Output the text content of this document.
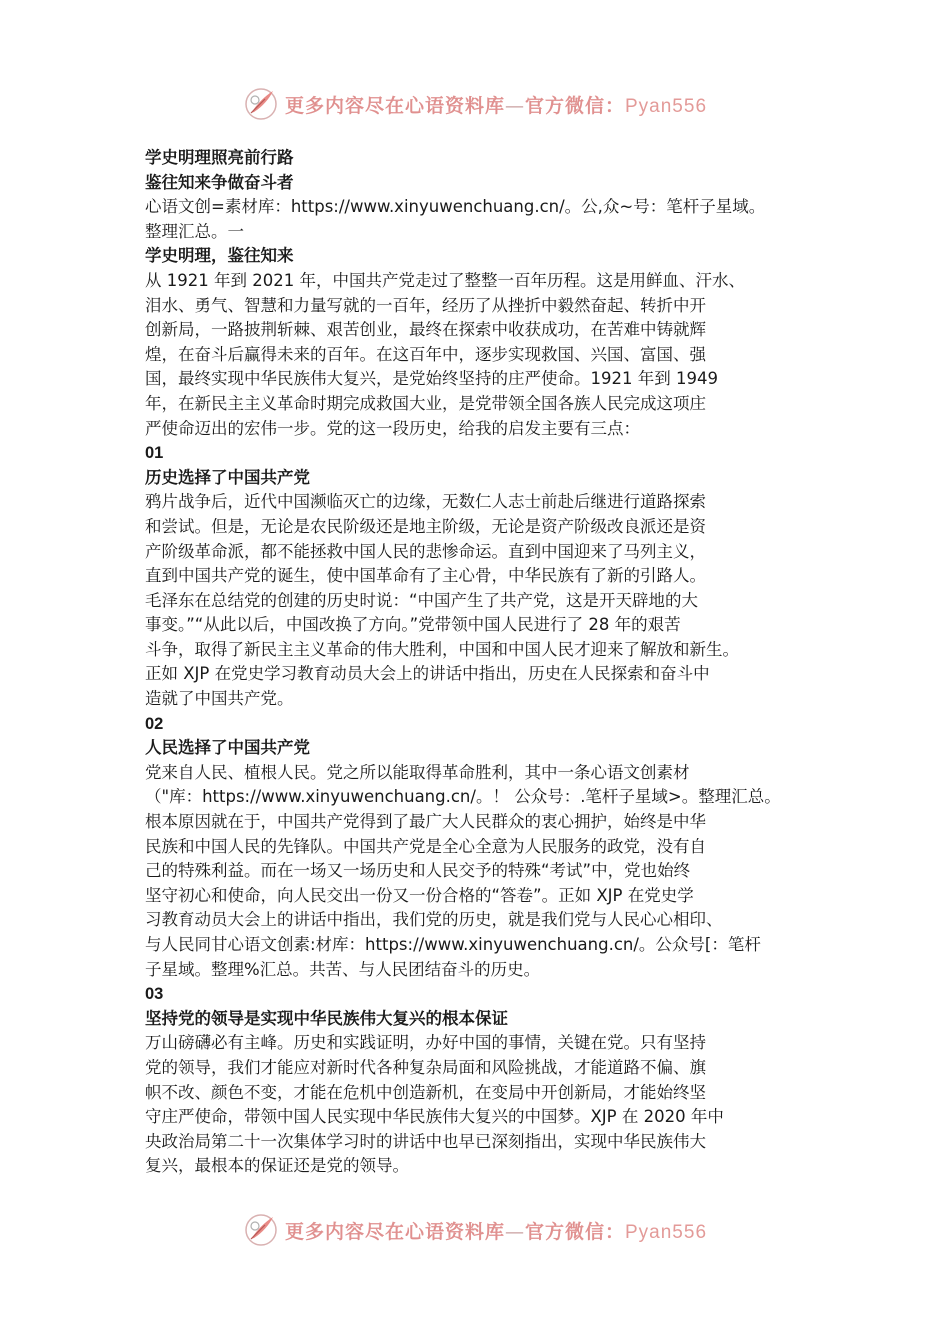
更多内容尽在心语资料库—官方微信：Pyan556
学史明理照亮前行路
鉴往知来争做奋斗者
心语文创=素材库：https://www.xinyuwenchuang.cn/。公,众~号：笔杆子星域。
整理汇总。一
学史明理，鉴往知来
从 1921 年到 2021 年，中国共产党走过了整整一百年历程。这是用鲜血、汗水、
泪水、勇气、智慧和力量写就的一百年，经历了从挫折中毅然奋起、转折中开
创新局，一路披荆斩棘、艰苦创业，最终在探索中收获成功，在苦难中铸就辉
煌，在奋斗后赢得未来的百年。在这百年中，逐步实现救国、兴国、富国、强
国，最终实现中华民族伟大复兴，是党始终坚持的庄严使命。1921 年到 1949
年，在新民主主义革命时期完成救国大业，是党带领全国各族人民完成这项庄
严使命迈出的宏伟一步。党的这一段历史，给我的启发主要有三点：
01
历史选择了中国共产党
鸦片战争后，近代中国濒临灭亡的边缘，无数仁人志士前赴后继进行道路探索
和尝试。但是，无论是农民阶级还是地主阶级，无论是资产阶级改良派还是资
产阶级革命派，都不能拯救中国人民的悲惨命运。直到中国迎来了马列主义，
直到中国共产党的诞生，使中国革命有了主心骨，中华民族有了新的引路人。
毛泽东在总结党的创建的历史时说：“中国产生了共产党，这是开天辟地的大
事变。”“从此以后，中国改换了方向。”党带领中国人民进行了 28 年的艰苦
斗争，取得了新民主主义革命的伟大胜利，中国和中国人民才迎来了解放和新生。
正如 XJP 在党史学习教育动员大会上的讲话中指出，历史在人民探索和奋斗中
造就了中国共产党。
02
人民选择了中国共产党
党来自人民、植根人民。党之所以能取得革命胜利，其中一条心语文创素材
（"库：https://www.xinyuwenchuang.cn/。！ 公众号：.笔杆子星域>。整理汇总。
根本原因就在于，中国共产党得到了最广大人民群众的衷心拥护，始终是中华
民族和中国人民的先锋队。中国共产党是全心全意为人民服务的政党，没有自
己的特殊利益。而在一场又一场历史和人民交予的特殊“考试”中，党也始终
坚守初心和使命，向人民交出一份又一份合格的“答卷”。正如 XJP 在党史学
习教育动员大会上的讲话中指出，我们党的历史，就是我们党与人民心心相印、
与人民同甘心语文创素:材库：https://www.xinyuwenchuang.cn/。公众号[：笔杆
子星域。整理%汇总。共苦、与人民团结奋斗的历史。
03
坚持党的领导是实现中华民族伟大复兴的根本保证
万山磅礴必有主峰。历史和实践证明，办好中国的事情，关键在党。只有坚持
党的领导，我们才能应对新时代各种复杂局面和风险挑战，才能道路不偏、旗
帜不改、颜色不变，才能在危机中创造新机，在变局中开创新局，才能始终坚
守庄严使命，带领中国人民实现中华民族伟大复兴的中国梦。XJP 在 2020 年中
央政治局第二十一次集体学习时的讲话中也早已深刻指出，实现中华民族伟大
复兴，最根本的保证还是党的领导。
更多内容尽在心语资料库—官方微信：Pyan556
